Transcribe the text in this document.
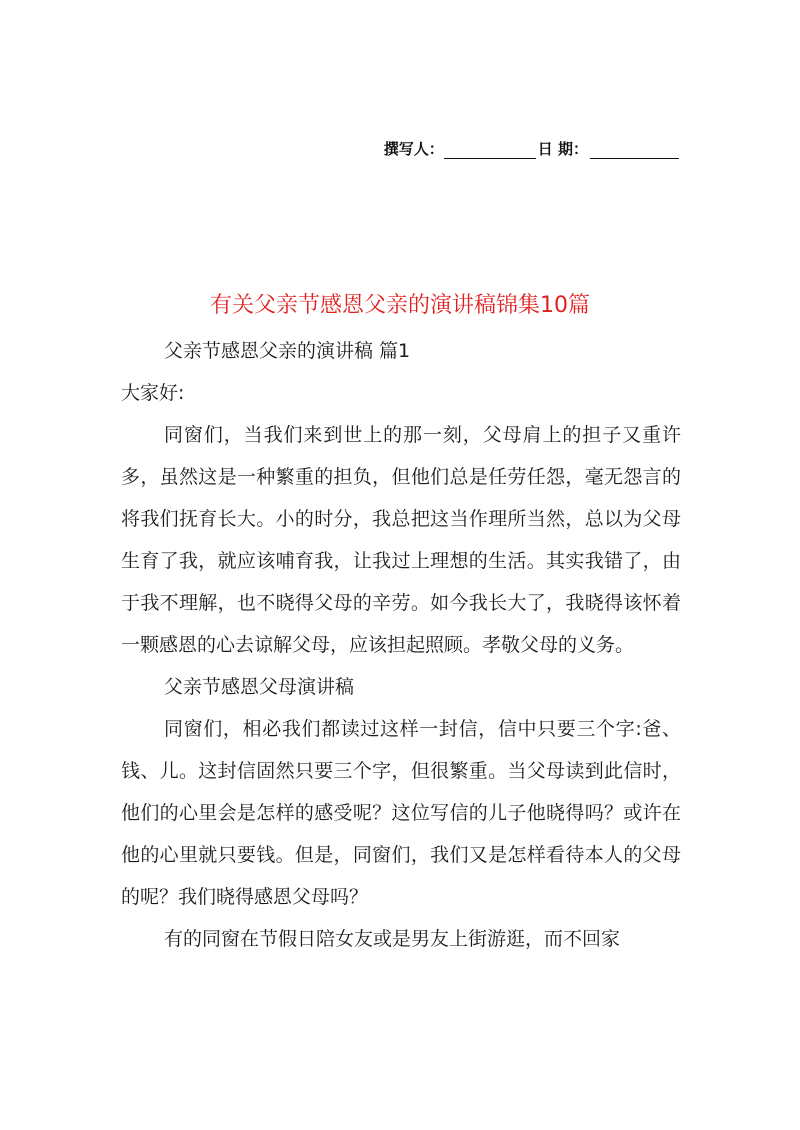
撰写人：	日 期：
有关父亲节感恩父亲的演讲稿锦集10篇

父亲节感恩父亲的演讲稿 篇1

大家好:

同窗们，当我们来到世上的那一刻，父母肩上的担子又重许多，虽然这是一种繁重的担负，但他们总是任劳任怨，毫无怨言的将我们抚育长大。小的时分，我总把这当作理所当然，总以为父母生育了我，就应该哺育我，让我过上理想的生活。其实我错了，由于我不理解，也不晓得父母的辛劳。如今我长大了，我晓得该怀着一颗感恩的心去谅解父母，应该担起照顾。孝敬父母的义务。

父亲节感恩父母演讲稿

同窗们，相必我们都读过这样一封信，信中只要三个字:爸、钱、儿。这封信固然只要三个字，但很繁重。当父母读到此信时，他们的心里会是怎样的感受呢？这位写信的儿子他晓得吗？或许在他的心里就只要钱。但是，同窗们，我们又是怎样看待本人的父母的呢？我们晓得感恩父母吗？

有的同窗在节假日陪女友或是男友上街游逛，而不回家
